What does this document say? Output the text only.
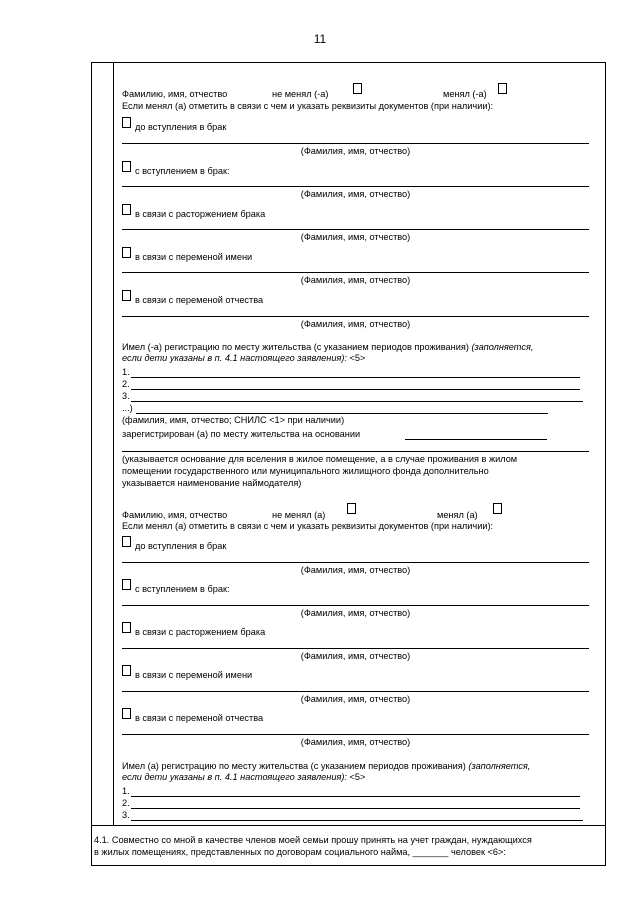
11
Фамилию, имя, отчество	не менял (-а)	менял (-а)
Если менял (а) отметить в связи с чем и указать реквизиты документов (при наличии):
до вступления в брак
(Фамилия, имя, отчество)
с вступлением в брак:
(Фамилия, имя, отчество)
в связи с расторжением брака
(Фамилия, имя, отчество)
в связи с переменой имени
(Фамилия, имя, отчество)
в связи с переменой отчества
(Фамилия, имя, отчество)
Имел (-а) регистрацию по месту жительства (с указанием периодов проживания) (заполняется,
если дети указаны в п. 4.1 настоящего заявления): <5>
1.
2.
3.
...)
(фамилия, имя, отчество; СНИЛС <1> при наличии)
зарегистрирован (а) по месту жительства на основании
(указывается основание для вселения в жилое помещение, а в случае проживания в жилом
помещении государственного или муниципального жилищного фонда дополнительно
указывается наименование наймодателя)
Фамилию, имя, отчество	не менял (а)	менял (а)
Если менял (а) отметить в связи с чем и указать реквизиты документов (при наличии):
до вступления в брак
(Фамилия, имя, отчество)
с вступлением в брак:
(Фамилия, имя, отчество)
в связи с расторжением брака
(Фамилия, имя, отчество)
в связи с переменой имени
(Фамилия, имя, отчество)
в связи с переменой отчества
(Фамилия, имя, отчество)
Имел (а) регистрацию по месту жительства (с указанием периодов проживания) (заполняется,
если дети указаны в п. 4.1 настоящего заявления): <5>
1.
2.
3.
4.1. Совместно со мной в качестве членов моей семьи прошу принять на учет граждан, нуждающихся
в жилых помещениях, представленных по договорам социального найма, _______ человек <6>:
